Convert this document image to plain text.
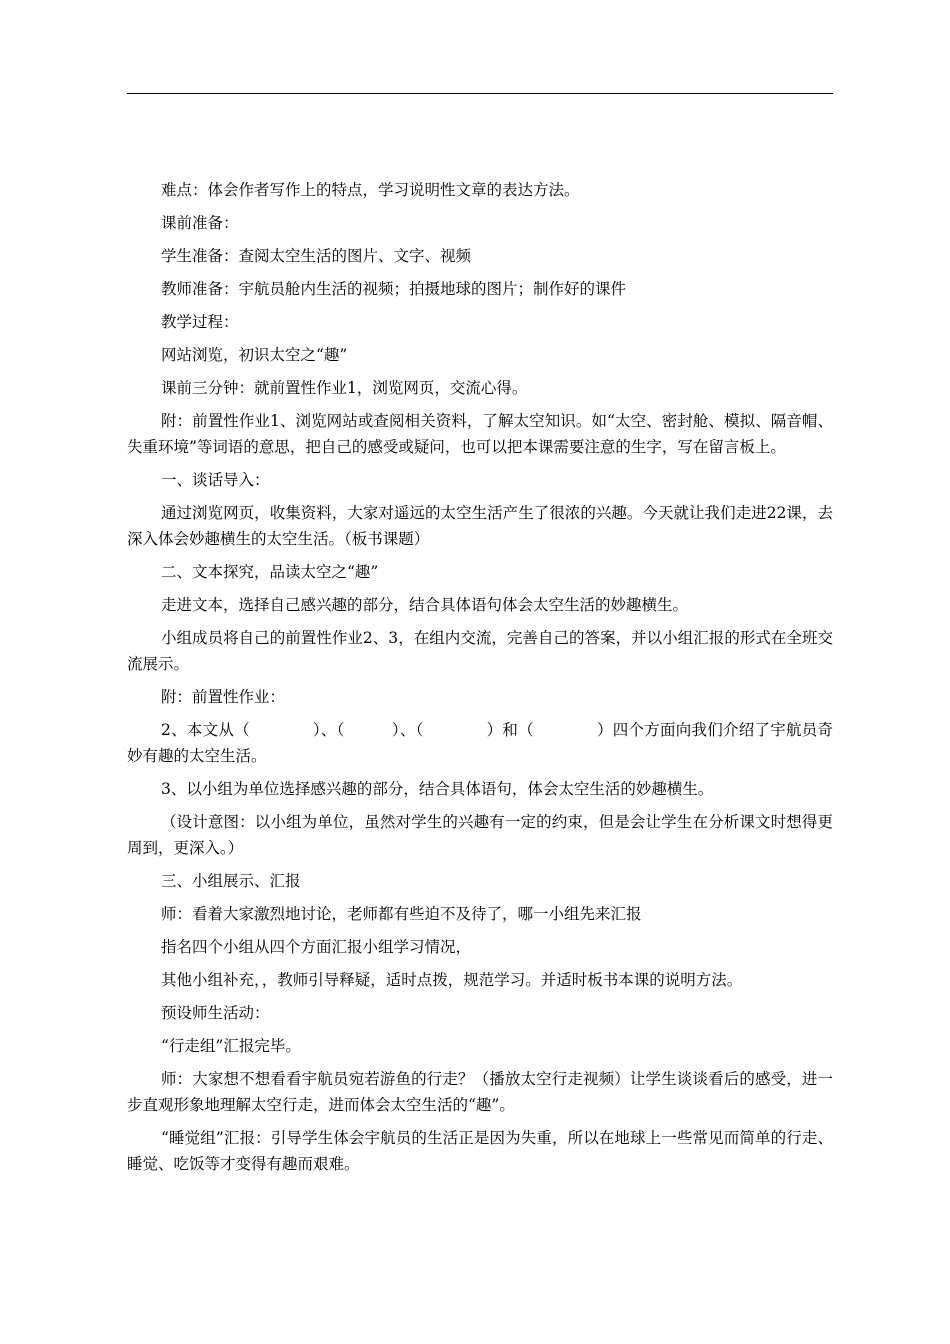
难点：体会作者写作上的特点，学习说明性文章的表达方法。

课前准备：

学生准备：查阅太空生活的图片、文字、视频

教师准备：宇航员舱内生活的视频；拍摄地球的图片；制作好的课件

教学过程：

网站浏览，初识太空之“趣”

课前三分钟：就前置性作业1，浏览网页，交流心得。

附：前置性作业1、浏览网站或查阅相关资料，了解太空知识。如“太空、密封舱、模拟、隔音帽、失重环境”等词语的意思，把自己的感受或疑问，也可以把本课需要注意的生字，写在留言板上。

一、谈话导入：

通过浏览网页，收集资料，大家对遥远的太空生活产生了很浓的兴趣。今天就让我们走进22课，去深入体会妙趣横生的太空生活。（板书课题）

二、文本探究，品读太空之“趣”

走进文本，选择自己感兴趣的部分，结合具体语句体会太空生活的妙趣横生。

小组成员将自己的前置性作业2、3，在组内交流，完善自己的答案，并以小组汇报的形式在全班交流展示。

附：前置性作业：

2、本文从（　　　　）、（　　　）、（　　　　）和（　　　　）四个方面向我们介绍了宇航员奇妙有趣的太空生活。

3、以小组为单位选择感兴趣的部分，结合具体语句，体会太空生活的妙趣横生。

（设计意图：以小组为单位，虽然对学生的兴趣有一定的约束，但是会让学生在分析课文时想得更周到，更深入。）

三、小组展示、汇报

师：看着大家激烈地讨论，老师都有些迫不及待了，哪一小组先来汇报

指名四个小组从四个方面汇报小组学习情况，

其他小组补充，，教师引导释疑，适时点拨，规范学习。并适时板书本课的说明方法。

预设师生活动：

“行走组”汇报完毕。

师：大家想不想看看宇航员宛若游鱼的行走？（播放太空行走视频）让学生谈谈看后的感受，进一步直观形象地理解太空行走，进而体会太空生活的“趣”。

“睡觉组”汇报：引导学生体会宇航员的生活正是因为失重，所以在地球上一些常见而简单的行走、睡觉、吃饭等才变得有趣而艰难。
